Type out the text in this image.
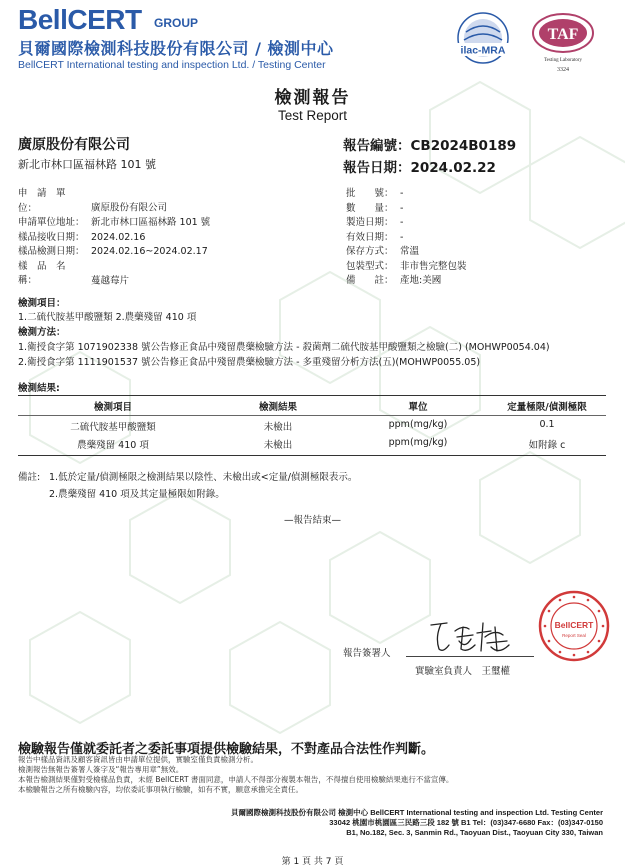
BellCERT GROUP
貝爾國際檢測科技股份有限公司 / 檢測中心
BellCERT International testing and inspection Ltd. / Testing Center
ilac-MRA
TAF
Testing Laboratory
3324
檢測報告
Test Report
廣原股份有限公司
新北市林口區福林路 101 號
報告編號：CB2024B0189
報告日期：2024.02.22
申　請　單　位：	廣原股份有限公司
申請單位地址： 新北市林口區福林路 101 號
樣品接收日期： 2024.02.16
樣品檢測日期： 2024.02.16~2024.02.17
樣　品　名　稱：	蔓越莓片
批　　號： -
數　　量： -
製造日期： -
有效日期： -
保存方式： 常溫
包裝型式： 非市售完整包裝
備　　註： 產地:美國
檢測項目：
1.二硫代胺基甲酸鹽類 2.農藥殘留 410 項
檢測方法：
1.衛授食字第 1071902338 號公告修正食品中殘留農藥檢驗方法 - 殺菌劑二硫代胺基甲酸鹽類之檢驗(二) (MOHWP0054.04)
2.衛授食字第 1111901537 號公告修正食品中殘留農藥檢驗方法 - 多重殘留分析方法(五)(MOHWP0055.05)
檢測結果:
檢測項目	檢測結果	單位	定量極限/偵測極限
二硫代胺基甲酸鹽類	未檢出	ppm(mg/kg)	0.1
農藥殘留 410 項	未檢出	ppm(mg/kg)	如附錄 c
備註: 1.低於定量/偵測極限之檢測結果以陰性、未檢出或<定量/偵測極限表示。
2.農藥殘留 410 項及其定量極限如附錄。
—報告結束—
報告簽署人
實驗室負責人　王璽權
BellCERT
Report Seal
檢驗報告僅就委託者之委託事項提供檢驗結果，不對產品合法性作判斷。
報告中樣品資訊及顧客資訊皆由申請單位提供，實驗室僅負責檢測分析。
檢測報告無報告簽署人簽字及“報告專用章”無效。
本報告檢測結果僅對受檢樣品負責，未經 BellCERT 書面同意，申請人不得部分複製本報告，不得擅自使用檢驗結果進行不當宣傳。
本檢驗報告之所有檢驗內容，均依委託事項執行檢驗，如有不實，願意承擔完全責任。
貝爾國際檢測科技股份有限公司 檢測中心 BellCERT International testing and inspection Ltd. Testing Center
33042 桃園市桃園區三民路三段 182 號 B1 Tel：(03)347-6680 Fax：(03)347-0150
B1, No.182, Sec. 3, Sanmin Rd., Taoyuan Dist., Taoyuan City 330, Taiwan
第 1 頁 共 7 頁
